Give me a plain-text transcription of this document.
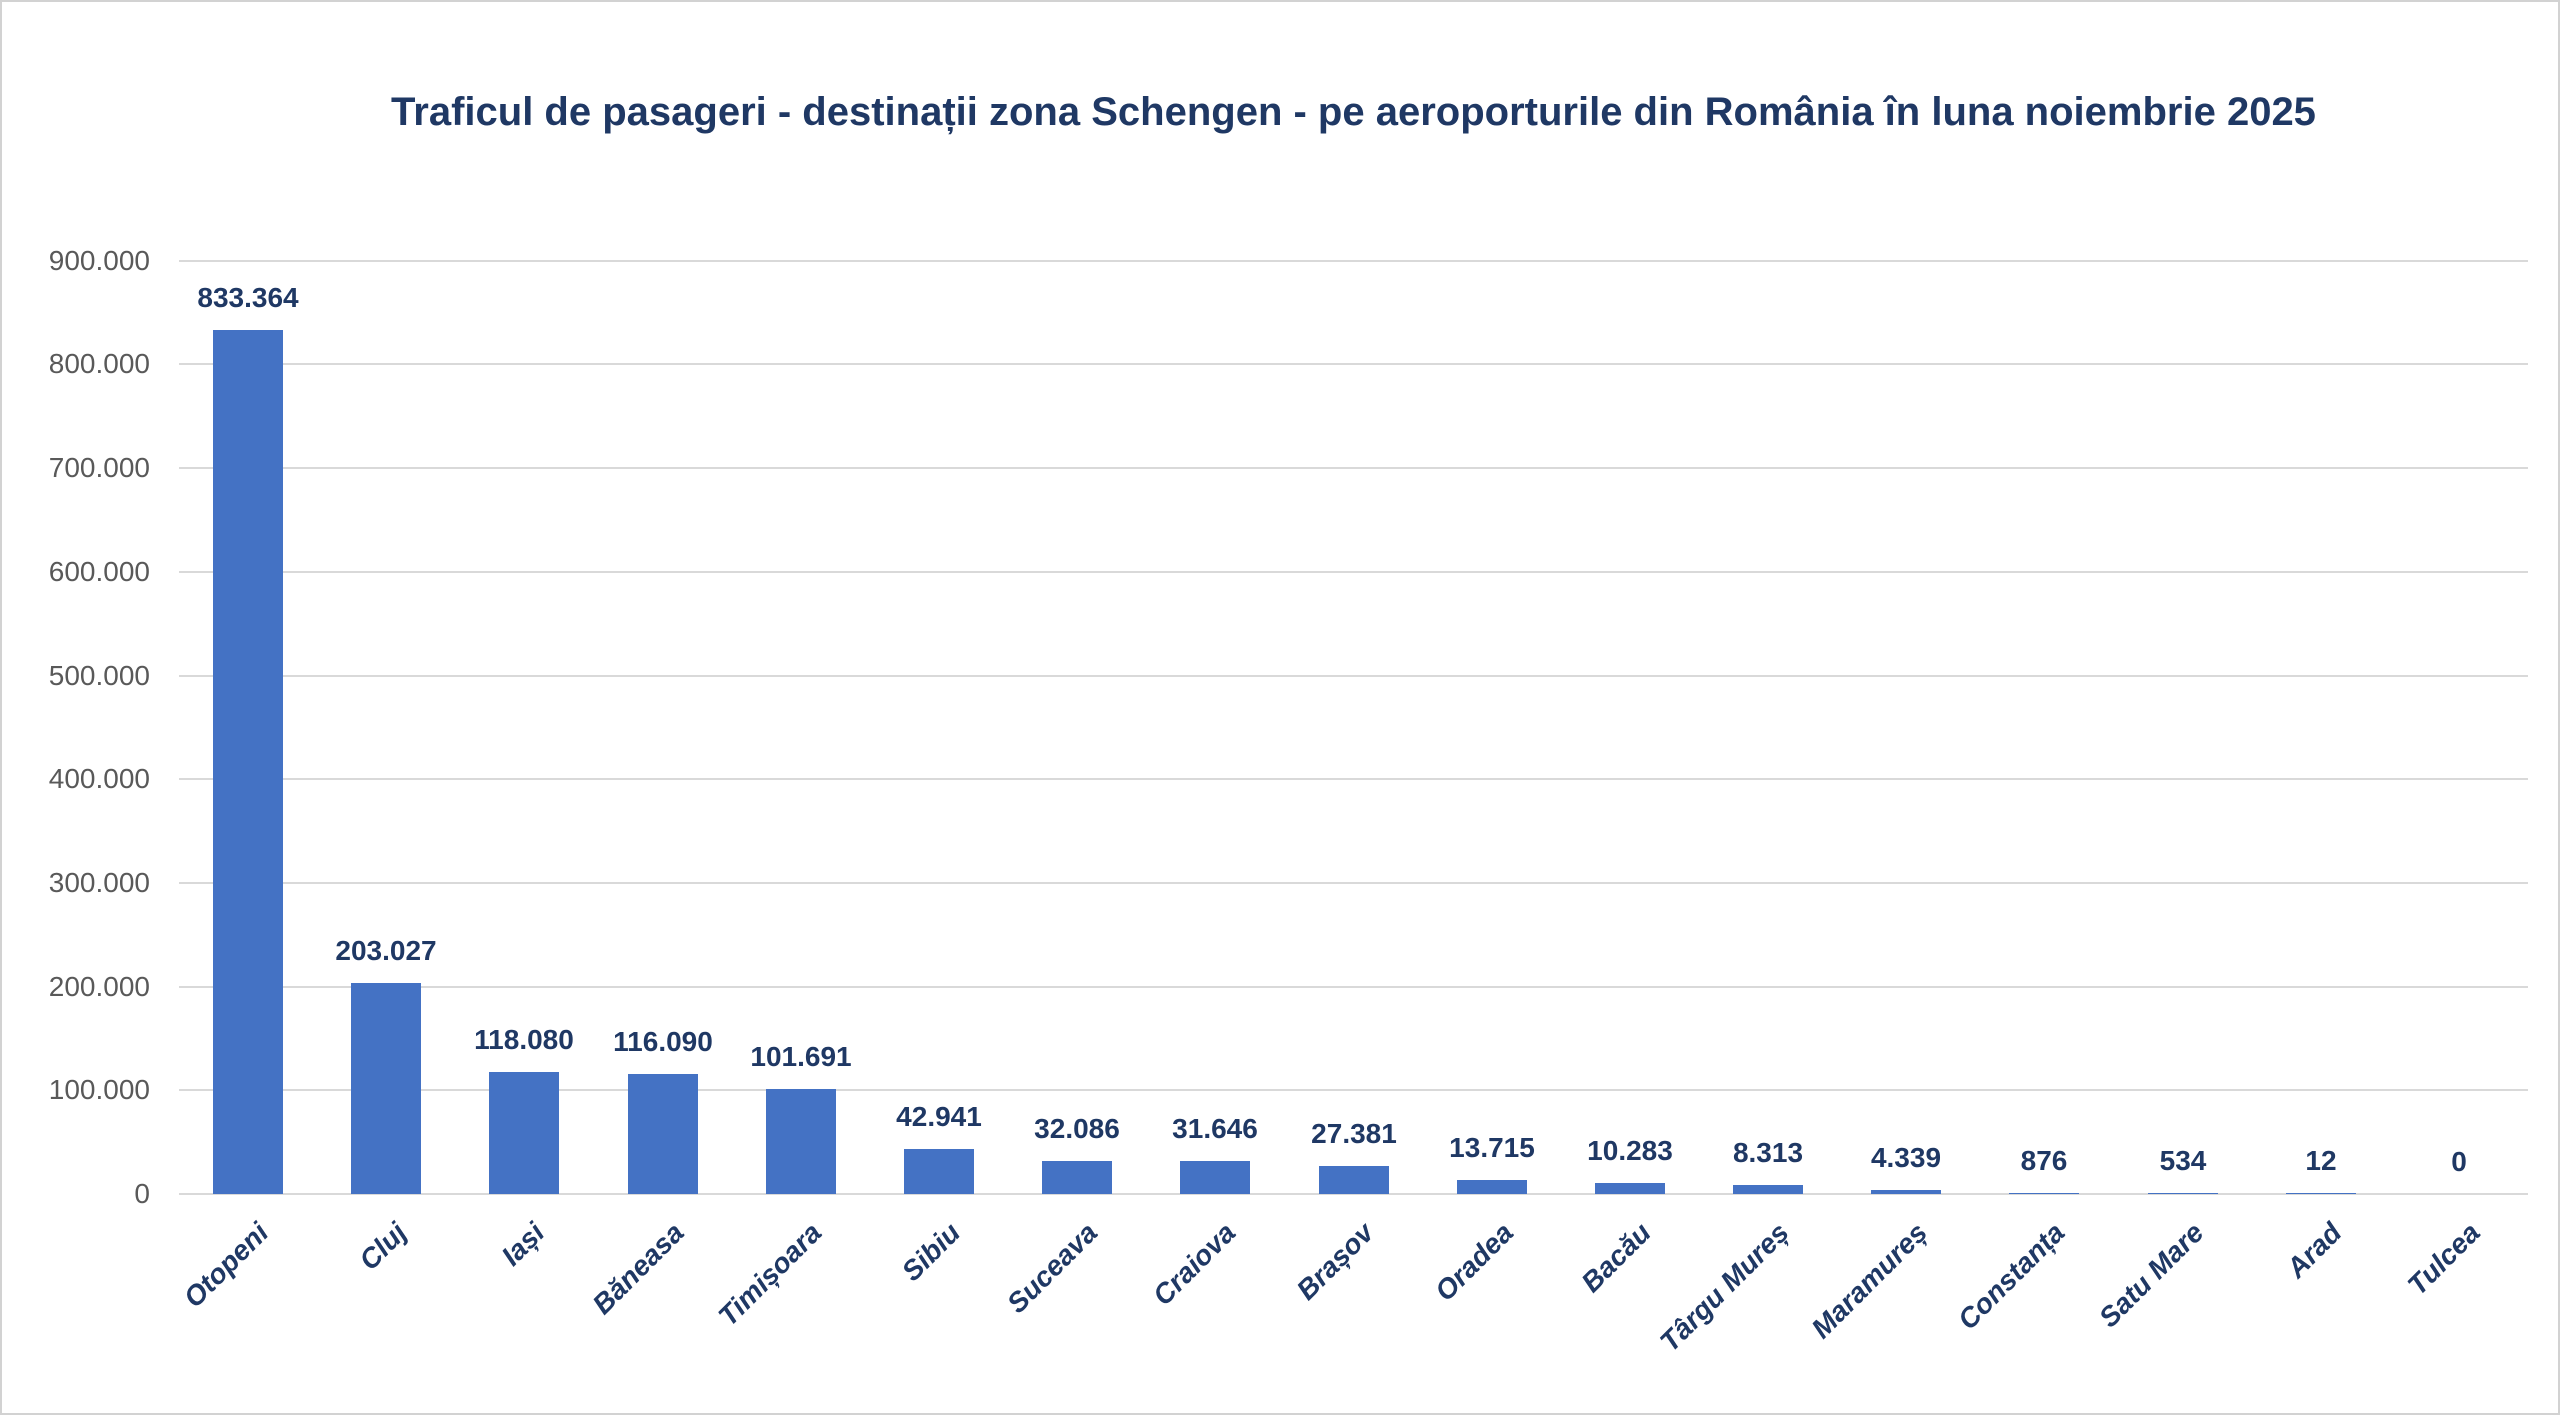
Traficul de pasageri - destinații zona Schengen - pe aeroporturile din România în luna noiembrie 2025
0
100.000
200.000
300.000
400.000
500.000
600.000
700.000
800.000
900.000
833.364
Otopeni
203.027
Cluj
118.080
Iași
116.090
Băneasa
101.691
Timișoara
42.941
Sibiu
32.086
Suceava
31.646
Craiova
27.381
Brașov
13.715
Oradea
10.283
Bacău
8.313
Târgu Mureș
4.339
Maramureș
876
Constanța
534
Satu Mare
12
Arad
0
Tulcea
